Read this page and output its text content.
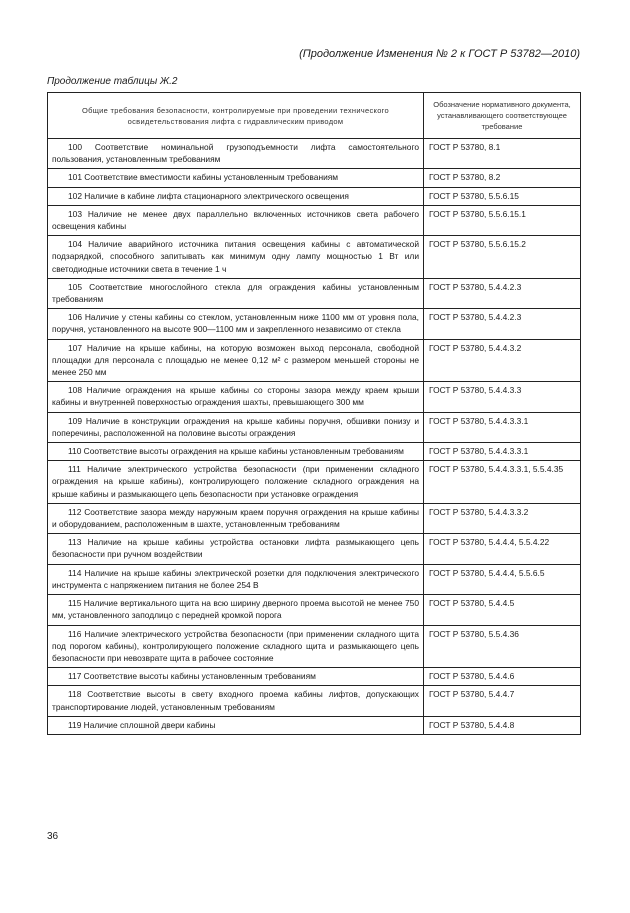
(Продолжение Изменения № 2 к ГОСТ Р 53782—2010)
Продолжение таблицы Ж.2
Общие требования безопасности, контролируемые при проведении технического освидетельствования лифта с гидравлическим приводом	Обозначение нормативного документа, устанавливающего соответствующее требование
100 Соответствие номинальной грузоподъемности лифта самостоятельного пользования, установленным требованиям	ГОСТ Р 53780, 8.1
101 Соответствие вместимости кабины установленным требованиям	ГОСТ Р 53780, 8.2
102 Наличие в кабине лифта стационарного электрического освещения	ГОСТ Р 53780, 5.5.6.15
103 Наличие не менее двух параллельно включенных источников света рабочего освещения кабины	ГОСТ Р 53780, 5.5.6.15.1
104 Наличие аварийного источника питания освещения кабины с автоматической подзарядкой, способного запитывать как минимум одну лампу мощностью 1 Вт или светодиодные источники света в течение 1 ч	ГОСТ Р 53780, 5.5.6.15.2
105 Соответствие многослойного стекла для ограждения кабины установленным требованиям	ГОСТ Р 53780, 5.4.4.2.3
106 Наличие у стены кабины со стеклом, установленным ниже 1100 мм от уровня пола, поручня, установленного на высоте 900—1100 мм и закрепленного независимо от стекла	ГОСТ Р 53780, 5.4.4.2.3
107 Наличие на крыше кабины, на которую возможен выход персонала, свободной площадки для персонала с площадью не менее 0,12 м² с размером меньшей стороны не менее 250 мм	ГОСТ Р 53780, 5.4.4.3.2
108 Наличие ограждения на крыше кабины со стороны зазора между краем крыши кабины и внутренней поверхностью ограждения шахты, превышающего 300 мм	ГОСТ Р 53780, 5.4.4.3.3
109 Наличие в конструкции ограждения на крыше кабины поручня, обшивки понизу и поперечины, расположенной на половине высоты ограждения	ГОСТ Р 53780, 5.4.4.3.3.1
110 Соответствие высоты ограждения на крыше кабины установленным требованиям	ГОСТ Р 53780, 5.4.4.3.3.1
111 Наличие электрического устройства безопасности (при применении складного ограждения на крыше кабины), контролирующего положение складного ограждения на крыше кабины и размыкающего цепь безопасности при установке ограждения	ГОСТ Р 53780, 5.4.4.3.3.1, 5.5.4.35
112 Соответствие зазора между наружным краем поручня ограждения на крыше кабины и оборудованием, расположенным в шахте, установленным требованиям	ГОСТ Р 53780, 5.4.4.3.3.2
113 Наличие на крыше кабины устройства остановки лифта размыкающего цепь безопасности при ручном воздействии	ГОСТ Р 53780, 5.4.4.4, 5.5.4.22
114 Наличие на крыше кабины электрической розетки для подключения электрического инструмента с напряжением питания не более 254 В	ГОСТ Р 53780, 5.4.4.4, 5.5.6.5
115 Наличие вертикального щита на всю ширину дверного проема высотой не менее 750 мм, установленного заподлицо с передней кромкой порога	ГОСТ Р 53780, 5.4.4.5
116 Наличие электрического устройства безопасности (при применении складного щита под порогом кабины), контролирующего положение складного щита и размыкающего цепь безопасности при невозврате щита в рабочее состояние	ГОСТ Р 53780, 5.5.4.36
117 Соответствие высоты кабины установленным требованиям	ГОСТ Р 53780, 5.4.4.6
118 Соответствие высоты в свету входного проема кабины лифтов, допускающих транспортирование людей, установленным требованиям	ГОСТ Р 53780, 5.4.4.7
119 Наличие сплошной двери кабины	ГОСТ Р 53780, 5.4.4.8
36
